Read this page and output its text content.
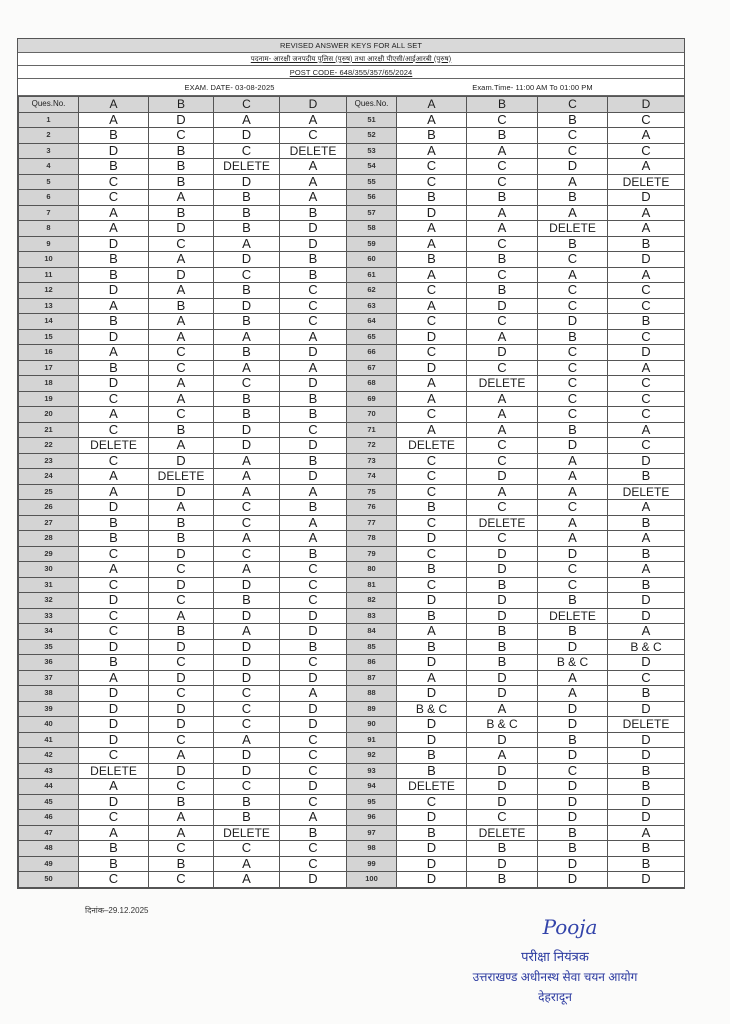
REVISED ANSWER KEYS FOR ALL SET
पदनाम- आरक्षी जनपदीय पुलिस (पुरुष) तथा आरक्षी पीएसी/आईआरबी (पुरुष)
POST CODE- 648/355/357/65/2024
EXAM. DATE- 03-08-2025	Exam.Time- 11:00 AM To 01:00 PM
Ques.No.	A	B	C	D	Ques.No.	A	B	C	D
1	A	D	A	A	51	A	C	B	C
2	B	C	D	C	52	B	B	C	A
3	D	B	C	DELETE	53	A	A	C	C
4	B	B	DELETE	A	54	C	C	D	A
5	C	B	D	A	55	C	C	A	DELETE
6	C	A	B	A	56	B	B	B	D
7	A	B	B	B	57	D	A	A	A
8	A	D	B	D	58	A	A	DELETE	A
9	D	C	A	D	59	A	C	B	B
10	B	A	D	B	60	B	B	C	D
11	B	D	C	B	61	A	C	A	A
12	D	A	B	C	62	C	B	C	C
13	A	B	D	C	63	A	D	C	C
14	B	A	B	C	64	C	C	D	B
15	D	A	A	A	65	D	A	B	C
16	A	C	B	D	66	C	D	C	D
17	B	C	A	A	67	D	C	C	A
18	D	A	C	D	68	A	DELETE	C	C
19	C	A	B	B	69	A	A	C	C
20	A	C	B	B	70	C	A	C	C
21	C	B	D	C	71	A	A	B	A
22	DELETE	A	D	D	72	DELETE	C	D	C
23	C	D	A	B	73	C	C	A	D
24	A	DELETE	A	D	74	C	D	A	B
25	A	D	A	A	75	C	A	A	DELETE
26	D	A	C	B	76	B	C	C	A
27	B	B	C	A	77	C	DELETE	A	B
28	B	B	A	A	78	D	C	A	A
29	C	D	C	B	79	C	D	D	B
30	A	C	A	C	80	B	D	C	A
31	C	D	D	C	81	C	B	C	B
32	D	C	B	C	82	D	D	B	D
33	C	A	D	D	83	B	D	DELETE	D
34	C	B	A	D	84	A	B	B	A
35	D	D	D	B	85	B	B	D	B & C
36	B	C	D	C	86	D	B	B & C	D
37	A	D	D	D	87	A	D	A	C
38	D	C	C	A	88	D	D	A	B
39	D	D	C	D	89	B & C	A	D	D
40	D	D	C	D	90	D	B & C	D	DELETE
41	D	C	A	C	91	D	D	B	D
42	C	A	D	C	92	B	A	D	D
43	DELETE	D	D	C	93	B	D	C	B
44	A	C	C	D	94	DELETE	D	D	B
45	D	B	B	C	95	C	D	D	D
46	C	A	B	A	96	D	C	D	D
47	A	A	DELETE	B	97	B	DELETE	B	A
48	B	C	C	C	98	D	B	B	B
49	B	B	A	C	99	D	D	D	B
50	C	C	A	D	100	D	B	D	D
दिनांक–29.12.2025
Pooja
परीक्षा नियंत्रक
उत्तराखण्ड अधीनस्थ सेवा चयन आयोग
देहरादून
